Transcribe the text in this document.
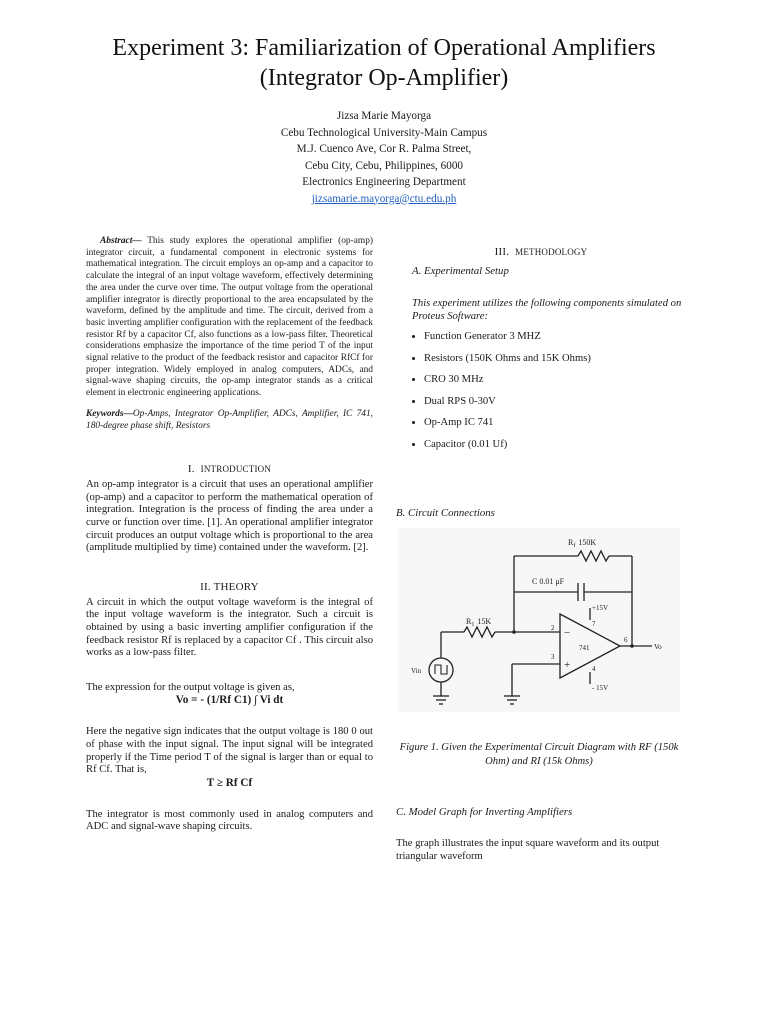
Experiment 3: Familiarization of Operational Amplifiers
(Integrator Op-Amplifier)
Jizsa Marie Mayorga
Cebu Technological University-Main Campus
M.J. Cuenco Ave, Cor R. Palma Street,
Cebu City, Cebu, Philippines, 6000
Electronics Engineering Department
jizsamarie.mayorga@ctu.edu.ph

Abstract— This study explores the operational amplifier (op-amp) integrator circuit, a fundamental component in electronic systems for mathematical integration. The circuit employs an op-amp and a capacitor to calculate the integral of an input voltage waveform, effectively determining the area under the curve over time. The output voltage from the operational amplifier integrator is directly proportional to the area encapsulated by the waveform, defined by the amplitude and time. The circuit, derived from a basic inverting amplifier configuration with the replacement of the feedback resistor Rf by a capacitor Cf, also functions as a low-pass filter. Theoretical considerations emphasize the importance of the time period T of the input signal relative to the product of the feedback resistor and capacitor RfCf for proper integration. Widely employed in analog computers, ADCs, and signal-wave shaping circuits, the op-amp integrator stands as a critical element in electronic engineering applications.

Keywords—Op-Amps, Integrator Op-Amplifier, ADCs, Amplifier, IC 741, 180-degree phase shift, Resistors

I. INTRODUCTION

An op-amp integrator is a circuit that uses an operational amplifier (op-amp) and a capacitor to perform the mathematical operation of integration. Integration is the process of finding the area under a curve or function over time. [1]. An operational amplifier integrator circuit produces an output voltage which is proportional to the area (amplitude multiplied by time) contained under the waveform. [2].

II. THEORY

A circuit in which the output voltage waveform is the integral of the input voltage waveform is the integrator. Such a circuit is obtained by using a basic inverting amplifier configuration if the feedback resistor Rf is replaced by a capacitor Cf . This circuit also works as a low-pass filter.

The expression for the output voltage is given as,

Vo = - (1/Rf C1) ∫ Vi dt

Here the negative sign indicates that the output voltage is 180 0 out of phase with the input signal. The input signal will be integrated properly if the Time period T of the signal is larger than or equal to Rf Cf. That is,

T ≥ Rf Cf

The integrator is most commonly used in analog computers and ADC and signal-wave shaping circuits.

III. METHODOLOGY

A. Experimental Setup

This experiment utilizes the following components simulated on Proteus Software:

• Function Generator 3 MHZ
• Resistors (150K Ohms and 15K Ohms)
• CRO 30 MHz
• Dual RPS 0-30V
• Op-Amp IC 741
• Capacitor (0.01 Uf)

B. Circuit Connections

$R_f$ 150K
C 0.01 μF
$R_1$ 15K
2
3
7
4
6
+15V
- 15V
741
−
+
Vin
Vo

Figure 1. Given the Experimental Circuit Diagram with RF (150k Ohm) and RI (15k Ohms)

C. Model Graph for Inverting Amplifiers

The graph illustrates the input square waveform and its output triangular waveform
